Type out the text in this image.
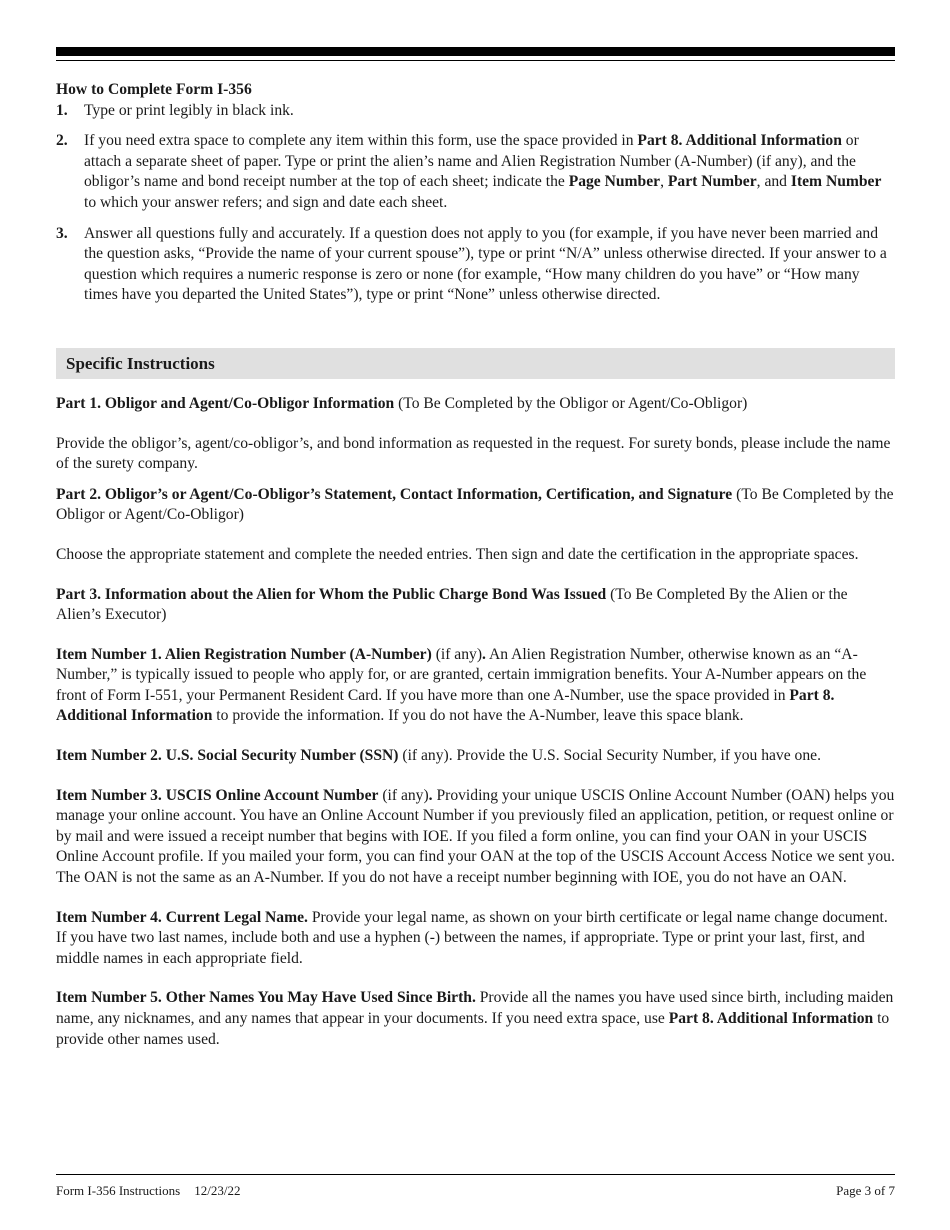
How to Complete Form I-356

1. Type or print legibly in black ink.
2. If you need extra space to complete any item within this form, use the space provided in Part 8. Additional Information or attach a separate sheet of paper. Type or print the alien’s name and Alien Registration Number (A-Number) (if any), and the obligor’s name and bond receipt number at the top of each sheet; indicate the Page Number, Part Number, and Item Number to which your answer refers; and sign and date each sheet.
3. Answer all questions fully and accurately. If a question does not apply to you (for example, if you have never been married and the question asks, “Provide the name of your current spouse”), type or print “N/A” unless otherwise directed. If your answer to a question which requires a numeric response is zero or none (for example, “How many children do you have” or “How many times have you departed the United States”), type or print “None” unless otherwise directed.
Specific Instructions

Part 1. Obligor and Agent/Co-Obligor Information (To Be Completed by the Obligor or Agent/Co-Obligor)

Provide the obligor’s, agent/co-obligor’s, and bond information as requested in the request. For surety bonds, please include the name of the surety company.

Part 2. Obligor’s or Agent/Co-Obligor’s Statement, Contact Information, Certification, and Signature (To Be Completed by the Obligor or Agent/Co-Obligor)

Choose the appropriate statement and complete the needed entries. Then sign and date the certification in the appropriate spaces.

Part 3. Information about the Alien for Whom the Public Charge Bond Was Issued (To Be Completed By the Alien or the Alien’s Executor)

Item Number 1. Alien Registration Number (A-Number) (if any). An Alien Registration Number, otherwise known as an “A-Number,” is typically issued to people who apply for, or are granted, certain immigration benefits. Your A-Number appears on the front of Form I-551, your Permanent Resident Card. If you have more than one A-Number, use the space provided in Part 8. Additional Information to provide the information. If you do not have the A-Number, leave this space blank.

Item Number 2. U.S. Social Security Number (SSN) (if any). Provide the U.S. Social Security Number, if you have one.

Item Number 3. USCIS Online Account Number (if any). Providing your unique USCIS Online Account Number (OAN) helps you manage your online account. You have an Online Account Number if you previously filed an application, petition, or request online or by mail and were issued a receipt number that begins with IOE. If you filed a form online, you can find your OAN in your USCIS Online Account profile. If you mailed your form, you can find your OAN at the top of the USCIS Account Access Notice we sent you. The OAN is not the same as an A-Number. If you do not have a receipt number beginning with IOE, you do not have an OAN.

Item Number 4. Current Legal Name. Provide your legal name, as shown on your birth certificate or legal name change document. If you have two last names, include both and use a hyphen (-) between the names, if appropriate. Type or print your last, first, and middle names in each appropriate field.

Item Number 5. Other Names You May Have Used Since Birth. Provide all the names you have used since birth, including maiden name, any nicknames, and any names that appear in your documents. If you need extra space, use Part 8. Additional Information to provide other names used.

Form I-356 Instructions 12/23/22	Page 3 of 7
